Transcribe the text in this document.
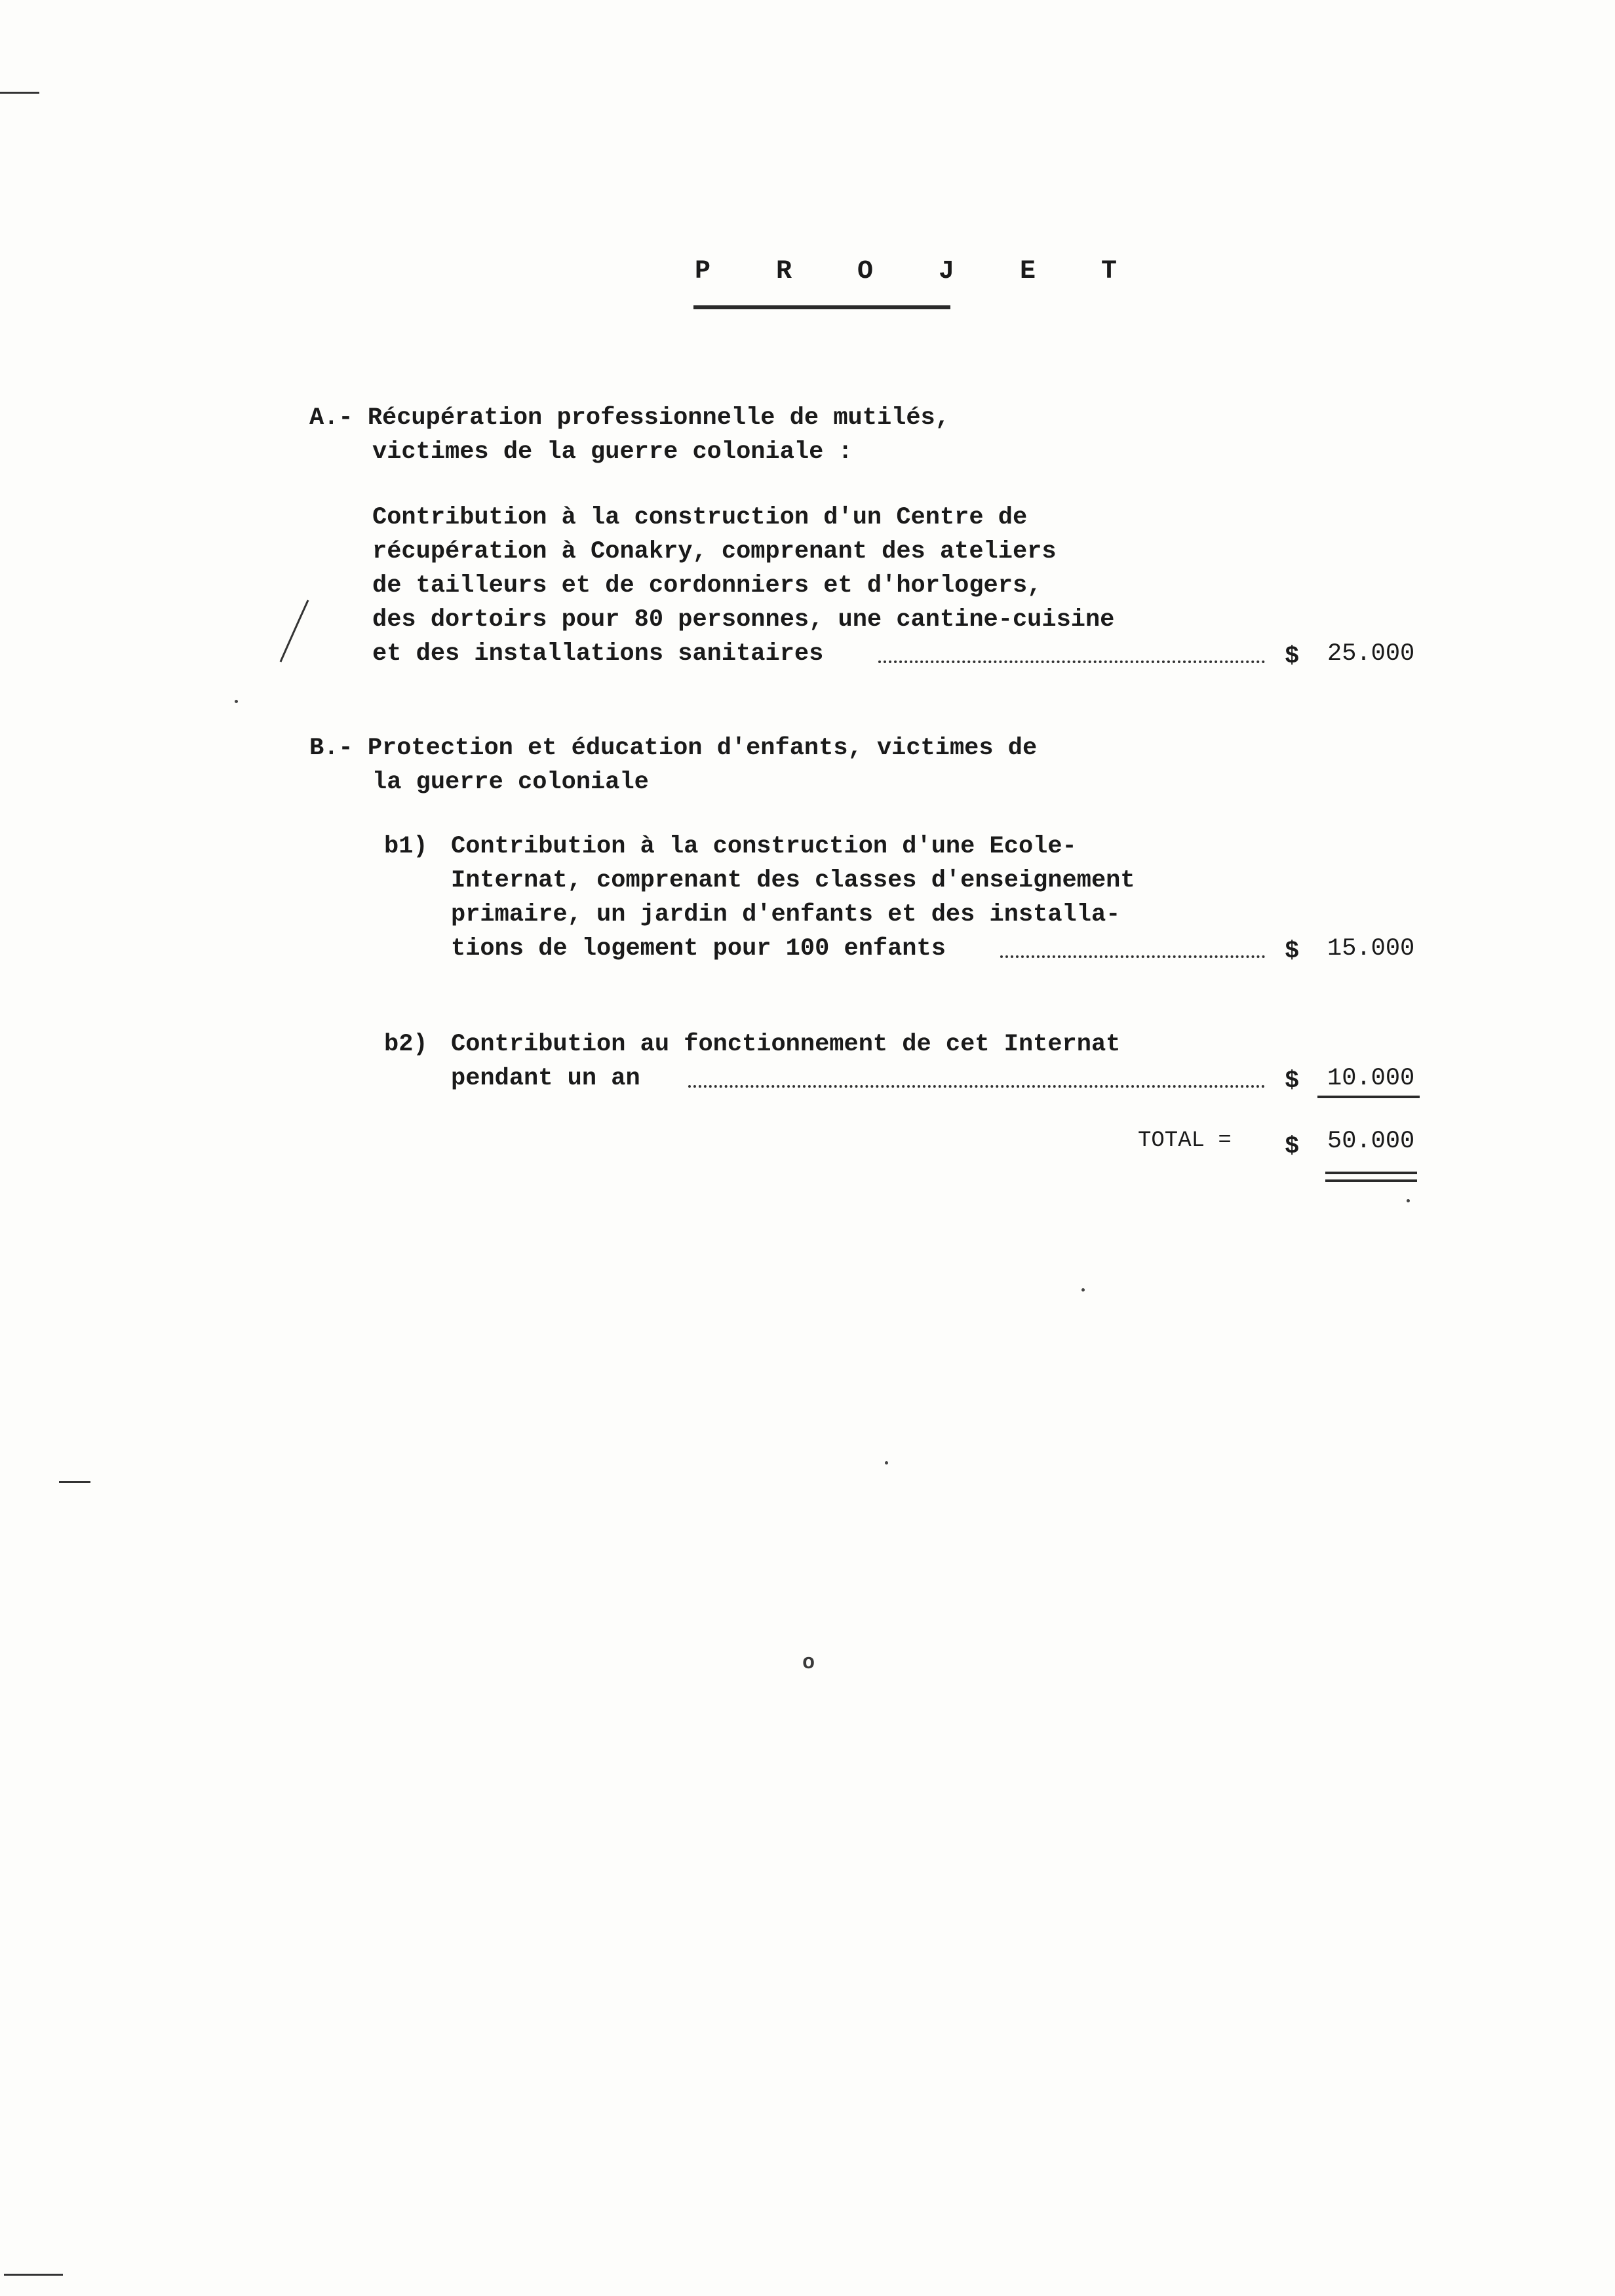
P R O J E T
A.- Récupération professionnelle de mutilés,
victimes de la guerre coloniale :
Contribution à la construction d'un Centre de
récupération à Conakry, comprenant des ateliers
de tailleurs et de cordonniers et d'horlogers,
des dortoirs pour 80 personnes, une cantine-cuisine
et des installations sanitaires	$ 25.000
B.- Protection et éducation d'enfants, victimes de
la guerre coloniale
b1) Contribution à la construction d'une Ecole-
Internat, comprenant des classes d'enseignement
primaire, un jardin d'enfants et des installa-
tions de logement pour 100 enfants	$ 15.000
b2) Contribution au fonctionnement de cet Internat
pendant un an	$ 10.000
TOTAL = $ 50.000
o
